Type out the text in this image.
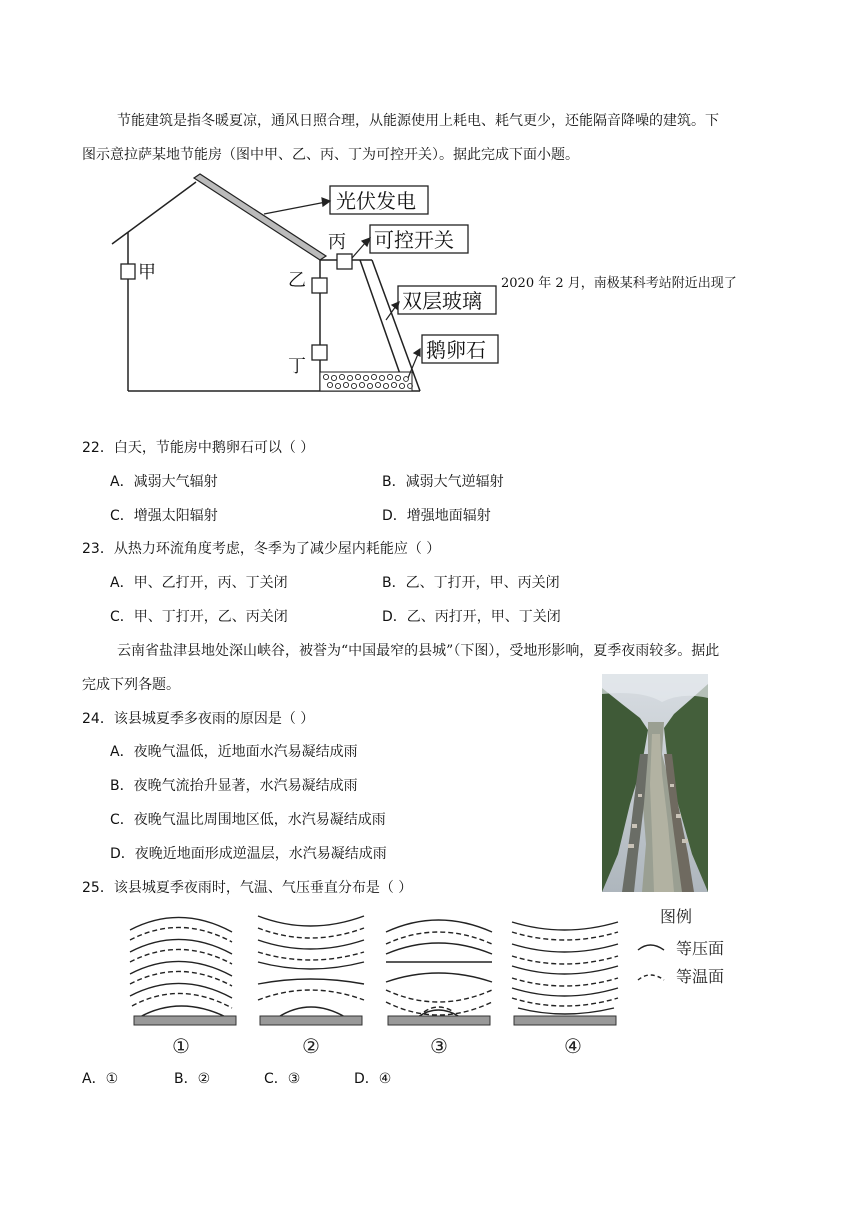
节能建筑是指冬暖夏凉，通风日照合理，从能源使用上耗电、耗气更少，还能隔音降噪的建筑。下
图示意拉萨某地节能房（图中甲、乙、丙、丁为可控开关）。据此完成下面小题。
甲	乙
丙
丁
光伏发电
可控开关
双层玻璃
鹅卵石
2020 年 2 月，南极某科考站附近出现了
22．白天，节能房中鹅卵石可以（ ）
A．减弱大气辐射	B．减弱大气逆辐射
C．增强太阳辐射	D．增强地面辐射
23．从热力环流角度考虑，冬季为了减少屋内耗能应（ ）
A．甲、乙打开，丙、丁关闭	B．乙、丁打开，甲、丙关闭
C．甲、丁打开，乙、丙关闭	D．乙、丙打开，甲、丁关闭
云南省盐津县地处深山峡谷，被誉为“中国最窄的县城”（下图），受地形影响，夏季夜雨较多。据此
完成下列各题。
24．该县城夏季多夜雨的原因是（ ）
A．夜晚气温低，近地面水汽易凝结成雨
B．夜晚气流抬升显著，水汽易凝结成雨
C．夜晚气温比周围地区低，水汽易凝结成雨
D．夜晚近地面形成逆温层，水汽易凝结成雨
25．该县城夏季夜雨时，气温、气压垂直分布是（ ）
①	②	③	④
图例
等压面
等温面
A．①	B．②	C．③	D．④
